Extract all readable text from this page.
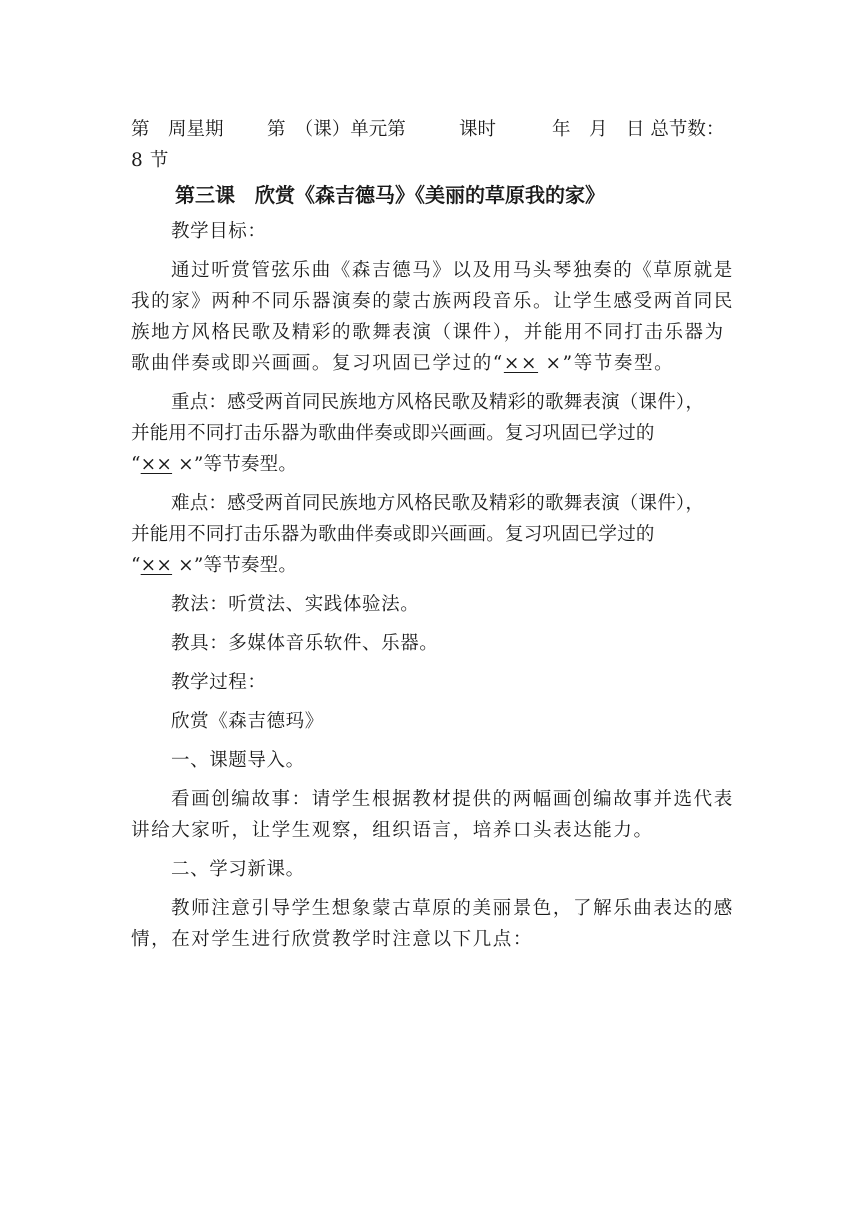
第　周星期 第　（课）单元第	课时	年　月　日 总节数：
8 节
第三课　欣赏《森吉德马》《美丽的草原我的家》
教学目标：
通过听赏管弦乐曲《森吉德马》以及用马头琴独奏的《草原就是
我的家》两种不同乐器演奏的蒙古族两段音乐。让学生感受两首同民
族地方风格民歌及精彩的歌舞表演（课件），并能用不同打击乐器为
歌曲伴奏或即兴画画。复习巩固已学过的“×× ×”等节奏型。
重点：感受两首同民族地方风格民歌及精彩的歌舞表演（课件），
并能用不同打击乐器为歌曲伴奏或即兴画画。复习巩固已学过的
“×× ×”等节奏型。
难点：感受两首同民族地方风格民歌及精彩的歌舞表演（课件），
并能用不同打击乐器为歌曲伴奏或即兴画画。复习巩固已学过的
“×× ×”等节奏型。
教法：听赏法、实践体验法。
教具：多媒体音乐软件、乐器。
教学过程：
欣赏《森吉德玛》
一、课题导入。
看画创编故事：请学生根据教材提供的两幅画创编故事并选代表
讲给大家听，让学生观察，组织语言，培养口头表达能力。
二、学习新课。
教师注意引导学生想象蒙古草原的美丽景色，了解乐曲表达的感
情，在对学生进行欣赏教学时注意以下几点：
